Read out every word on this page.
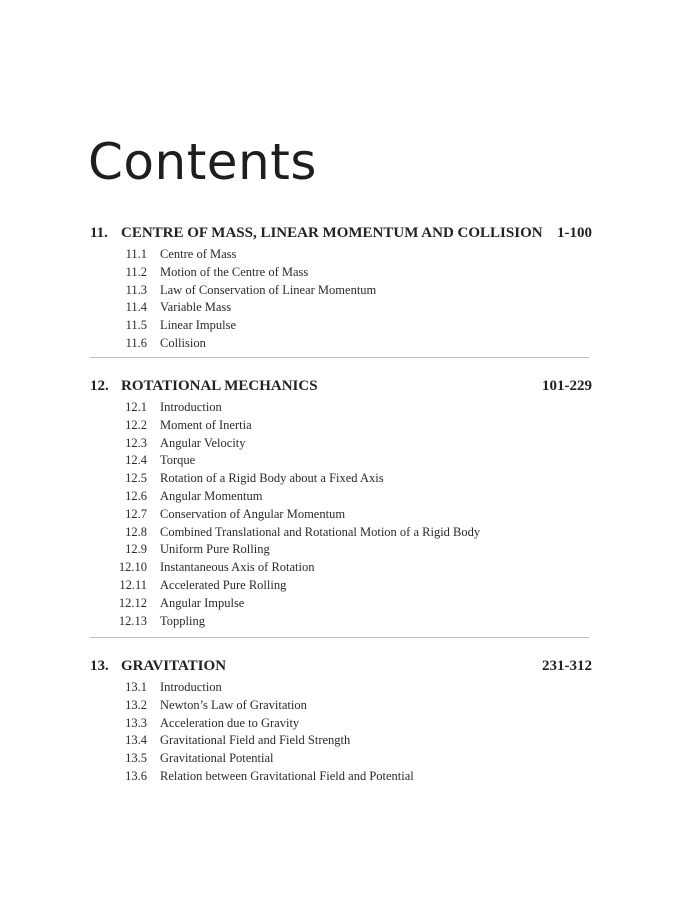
Contents
11. CENTRE OF MASS, LINEAR MOMENTUM AND COLLISION 1-100
11.1 Centre of Mass
11.2 Motion of the Centre of Mass
11.3 Law of Conservation of Linear Momentum
11.4 Variable Mass
11.5 Linear Impulse
11.6 Collision
12. ROTATIONAL MECHANICS	101-229
12.1 Introduction
12.2 Moment of Inertia
12.3 Angular Velocity
12.4 Torque
12.5 Rotation of a Rigid Body about a Fixed Axis
12.6 Angular Momentum
12.7 Conservation of Angular Momentum
12.8 Combined Translational and Rotational Motion of a Rigid Body
12.9 Uniform Pure Rolling
12.10 Instantaneous Axis of Rotation
12.11 Accelerated Pure Rolling
12.12 Angular Impulse
12.13 Toppling
13. GRAVITATION	231-312
13.1 Introduction
13.2 Newton’s Law of Gravitation
13.3 Acceleration due to Gravity
13.4 Gravitational Field and Field Strength
13.5 Gravitational Potential
13.6 Relation between Gravitational Field and Potential
